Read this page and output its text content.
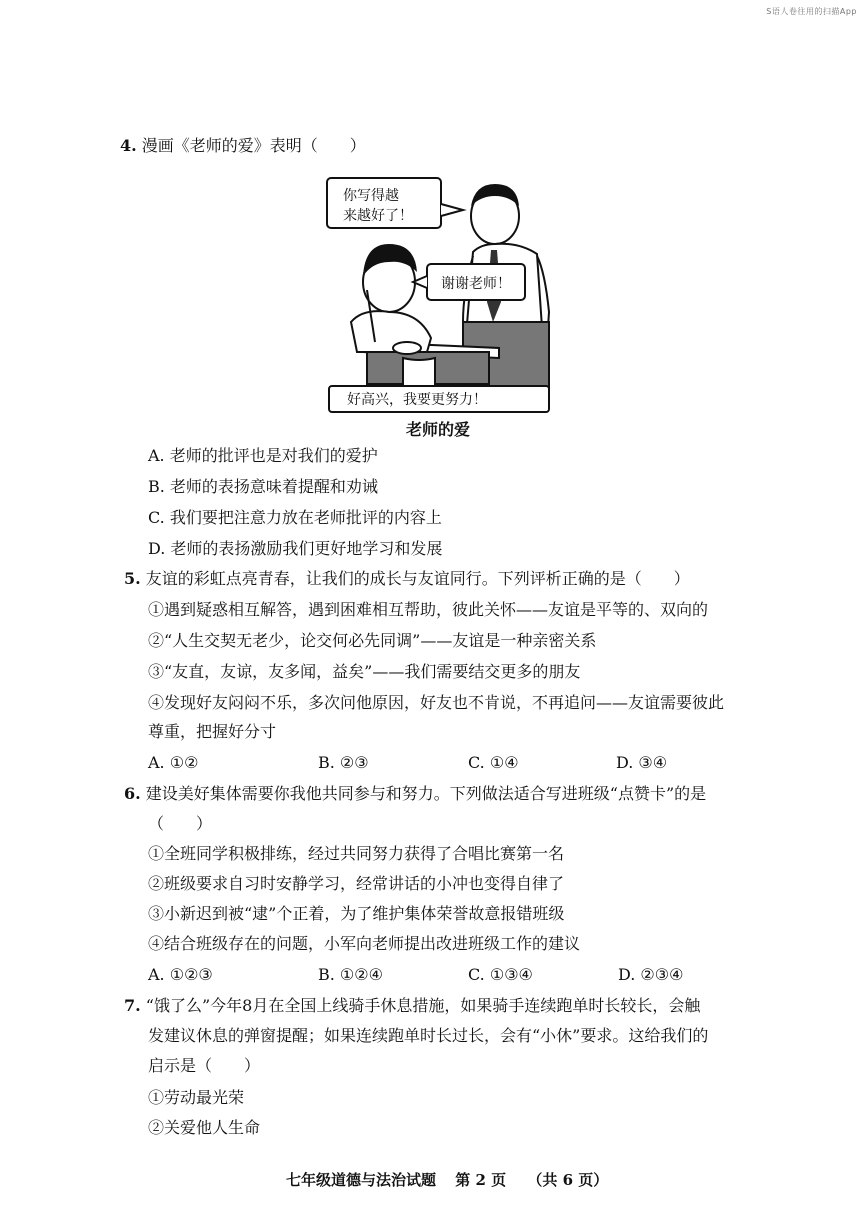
S语人卷往用的扫描App
4. 漫画《老师的爱》表明（　　）
你写得越
来越好了！
谢谢老师！
好高兴，我要更努力！
老师的爱
A. 老师的批评也是对我们的爱护
B. 老师的表扬意味着提醒和劝诫
C. 我们要把注意力放在老师批评的内容上
D. 老师的表扬激励我们更好地学习和发展
5. 友谊的彩虹点亮青春，让我们的成长与友谊同行。下列评析正确的是（　　）
①遇到疑惑相互解答，遇到困难相互帮助，彼此关怀——友谊是平等的、双向的
②“人生交契无老少，论交何必先同调”——友谊是一种亲密关系
③“友直，友谅，友多闻，益矣”——我们需要结交更多的朋友
④发现好友闷闷不乐，多次问他原因，好友也不肯说，不再追问——友谊需要彼此
尊重，把握好分寸
A. ①②	B. ②③	C. ①④	D. ③④
6. 建设美好集体需要你我他共同参与和努力。下列做法适合写进班级“点赞卡”的是
（　　）
①全班同学积极排练，经过共同努力获得了合唱比赛第一名
②班级要求自习时安静学习，经常讲话的小冲也变得自律了
③小新迟到被“逮”个正着，为了维护集体荣誉故意报错班级
④结合班级存在的问题，小军向老师提出改进班级工作的建议
A. ①②③	B. ①②④	C. ①③④	D. ②③④
7. “饿了么”今年8月在全国上线骑手休息措施，如果骑手连续跑单时长较长，会触
发建议休息的弹窗提醒；如果连续跑单时长过长，会有“小休”要求。这给我们的
启示是（　　）
①劳动最光荣
②关爱他人生命
七年级道德与法治试题 第 2 页 （共 6 页）
